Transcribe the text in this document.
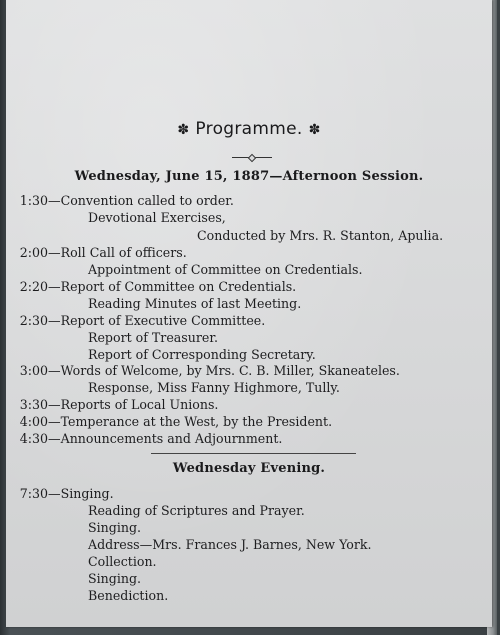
✽ Programme. ✽
Wednesday, June 15, 1887—Afternoon Session.
1:30 —Convention called to order.
Devotional Exercises,
Conducted by Mrs. R. Stanton, Apulia.
2:00 —Roll Call of officers.
Appointment of Committee on Credentials.
2:20 —Report of Committee on Credentials.
Reading Minutes of last Meeting.
2:30 —Report of Executive Committee.
Report of Treasurer.
Report of Corresponding Secretary.
3:00 —Words of Welcome, by Mrs. C. B. Miller, Skaneateles.
Response, Miss Fanny Highmore, Tully.
3:30 —Reports of Local Unions.
4:00 —Temperance at the West, by the President.
4:30 —Announcements and Adjournment.
Wednesday Evening.
7:30 —Singing.
Reading of Scriptures and Prayer.
Singing.
Address—Mrs. Frances J. Barnes, New York.
Collection.
Singing.
Benediction.
